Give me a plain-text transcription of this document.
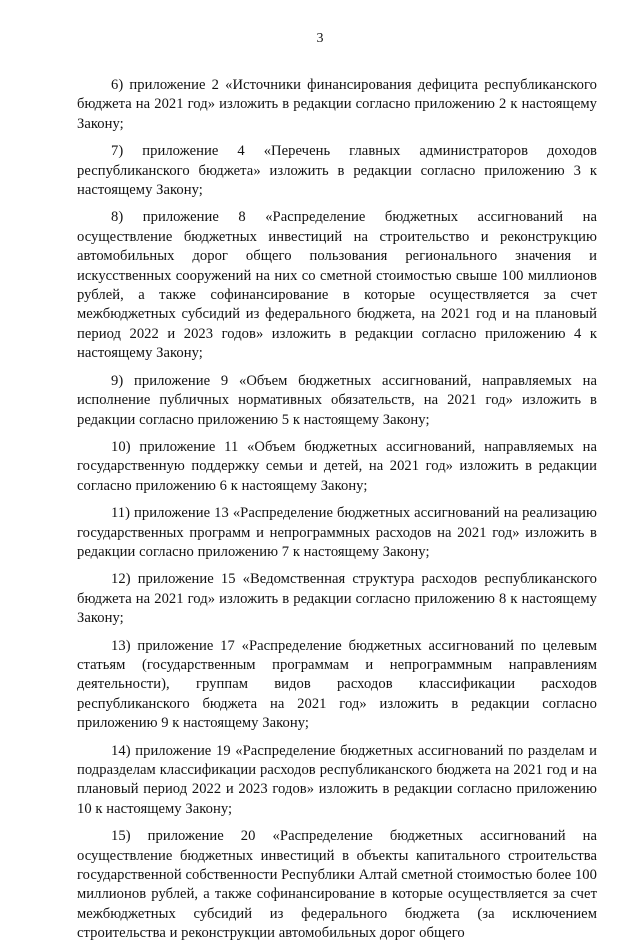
3

6) приложение 2 «Источники финансирования дефицита республиканского бюджета на 2021 год» изложить в редакции согласно приложению 2 к настоящему Закону;

7) приложение 4 «Перечень главных администраторов доходов республиканского бюджета» изложить в редакции согласно приложению 3 к настоящему Закону;

8) приложение 8 «Распределение бюджетных ассигнований на осуществление бюджетных инвестиций на строительство и реконструкцию автомобильных дорог общего пользования регионального значения и искусственных сооружений на них со сметной стоимостью свыше 100 миллионов рублей, а также софинансирование в которые осуществляется за счет межбюджетных субсидий из федерального бюджета, на 2021 год и на плановый период 2022 и 2023 годов» изложить в редакции согласно приложению 4 к настоящему Закону;

9) приложение 9 «Объем бюджетных ассигнований, направляемых на исполнение публичных нормативных обязательств, на 2021 год» изложить в редакции согласно приложению 5 к настоящему Закону;

10) приложение 11 «Объем бюджетных ассигнований, направляемых на государственную поддержку семьи и детей, на 2021 год» изложить в редакции согласно приложению 6 к настоящему Закону;

11) приложение 13 «Распределение бюджетных ассигнований на реализацию государственных программ и непрограммных расходов на 2021 год» изложить в редакции согласно приложению 7 к настоящему Закону;

12) приложение 15 «Ведомственная структура расходов республиканского бюджета на 2021 год» изложить в редакции согласно приложению 8 к настоящему Закону;

13) приложение 17 «Распределение бюджетных ассигнований по целевым статьям (государственным программам и непрограммным направлениям деятельности), группам видов расходов классификации расходов республиканского бюджета на 2021 год» изложить в редакции согласно приложению 9 к настоящему Закону;

14) приложение 19 «Распределение бюджетных ассигнований по разделам и подразделам классификации расходов республиканского бюджета на 2021 год и на плановый период 2022 и 2023 годов» изложить в редакции согласно приложению 10 к настоящему Закону;

15) приложение 20 «Распределение бюджетных ассигнований на осуществление бюджетных инвестиций в объекты капитального строительства государственной собственности Республики Алтай сметной стоимостью более 100 миллионов рублей, а также софинансирование в которые осуществляется за счет межбюджетных субсидий из федерального бюджета (за исключением строительства и реконструкции автомобильных дорог общего
